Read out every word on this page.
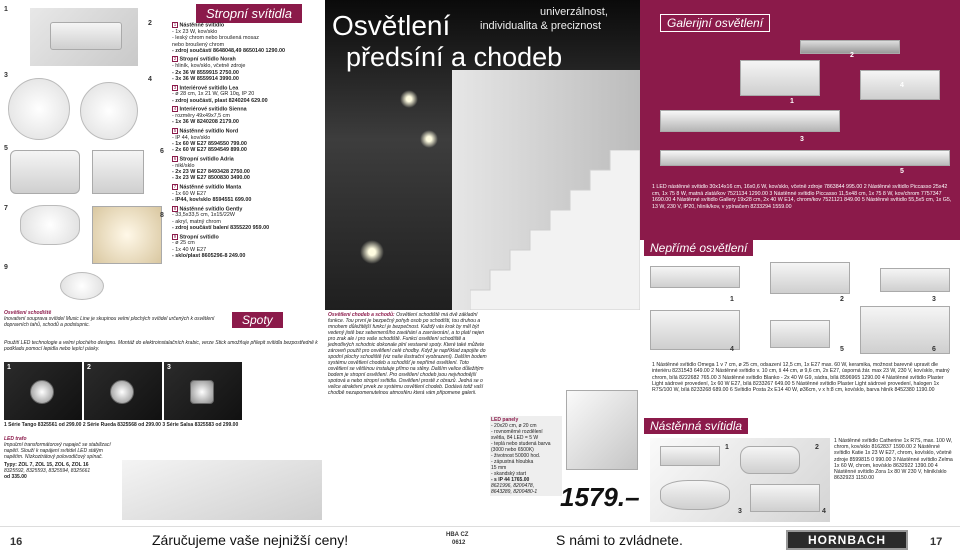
1
2
3
4
5	6
7
8
9
Stropní svítidla
1 Nástěnné svítidlo
- 1x 23 W, kov/sklo
- leský chrom nebo broušená mosaz
nebo broušený chrom
- zdroj součástí 8648048,49 8650140 1290.00
2 Stropní svítidlo Norah
- hliník, kov/sklo, včetně zdroje
- 2x 36 W 8559915 2750.00
- 3x 36 W 8559914 3990.00
3 Interiérové svítidlo Lea
- ø 28 cm, 1x 21 W, GR 10q, IP 20
- zdroj součástí, plast 8240204 629.00
4 Interiérové svítidlo Sienna
- rozměry 49x49x7,5 cm
- 1x 36 W 8240208 2179.00
5 Nástěnné svítidlo Nord
- IP 44, kov/sklo
- 1x 60 W E27 8594550 799.00
- 2x 60 W E27 8594549 899.00
6 Stropní svítidlo Adria
- nikl/sklo
- 2x 23 W E27 8493428 2750.00
- 3x 23 W E27 8500830 3490.00
7 Nástěnné svítidlo Manta
- 1x 60 W E27
- IP44, kov/sklo 8594551 699.00
8 Nástěnné svítidlo Gently
- 33,5x33,5 cm, 1x15/22W
- akryl, matný chrom
- zdroj součástí balení 8355220 959.00
9 Stropní svítidlo
- ø 25 cm
- 1x 40 W E27
- sklo/plast 8605296-8 249.00
Osvětlení schodiště
Inovativní souprava svítidel Music Line je skupinou velmi plochých svítidel určených k osvětlení dopravních tahů, schodů a podstupnic.	Spoty
Použití LED technologie a velmi plochého designu. Montáž do elektroinstalačních krabic, verze Stick umožňuje přilepit svítidla bezpostředně k podkladu pomocí lepidla nebo lepící pásky.
1	2	3
1 Série Tango 8325561 od 299.00 2 Série Rueda 8325568 od 299.00 3 Série Salsa 8325583 od 299.00
LED trafo
Impulzní transformátorový napaječ se stabilizací napětí. Slouží k napájení svítidel LED stálým napětím. Nízkoztrátový polovodičový spínač.
Typy: ZOL 7, ZOL 15, ZOL 6, ZOL 16
8325592, 8325593, 8325594, 8325661
od 335.00
Osvětlení
předsíní a chodeb
univerzálnost,
individualita & preciznost
Osvětlení chodeb a schodů: Osvětlení schodiště má dvě základní funkce. Tou první je bezpečný pohyb osob po schodišti, tou druhou a mnohem důležitější funkcí je bezpečnost. Každý vás krok by měl být vedený jistě bez sebemenšího zaváhání a zavrávorání, a to platí nejen pro zrak ale i pro vaše schodiště. Funkci osvětlení schodiště a jednotlivých schodnic dokonale plní vestavné spoty. Které také můžete zároveň použít pro osvětlení celé chodby. Když je například zapojíte do spodní plochy schodiště (viz naše ilustrační vyobrazení). Dalším bodem systému osvětlení chodeb a schodišť je nepřímé osvětlení. Toto osvětlení se většinou instaluje přímo na stěny. Dalším velice důležitým bodem je stropní osvětlení. Pro osvětlení chodeb jsou nejvhodnější spotová a nebo stropní svítidla. Osvětlení prostě z obrazů. Jedná se o velice atraktivní prvek ze systému osvětlení chodeb. Dodává totiž vaší chodbě nezapomenutelnou atmosféru která vám připomene galerii.
LED panely
- 20x20 cm, ø 20 cm
- rovnoměrné rozdělení
světla, 84 LED = 5 W
- teplá nebo studená barva
(3000 nebo 6500K)
- životnost 50000 hod.
- zápustná hloubka
15 mm
- skandský start
- s IP 44 1765.00
8621996, 8200478,
8643289, 8200480-1 1579.–
Galerijní osvětlení
1
2
3
4
5
1 LED nástěnné svítidlo 30x14x16 cm, 16x0,6 W, kov/sklo, včetně zdroje 7863844 995.00 2 Nástěnné svítidlo Piccasso 25x42 cm, 1x 75 8 W, matná zlatá/kov 7521134 1290.00 3 Nástěnné svítidlo Piccasso 11,5x48 cm, 1x 75 8 W, kov/chrom 7757347 1690.00 4 Nástěnné svítidlo Gallery 19x28 cm, 2x 40 W E14, chrom/kov 7521121 849.00 5 Nástěnné svítidlo 55,5x5 cm, 1x G5, 13 W, 230 V, IP20, hliník/kov, v ypínačem 8233294 1559.00
Nepřímé osvětlení
1	2	3
4	5	6
1 Nástěnné svítidlo Omega 1 v 7 cm, ø 25 cm, odsazení 12,5 cm, 1x E27 max. 60 W, keramika, možnost barevně upravit dle interiéru 8231543 649.00 2 Nástěnné svítidlo v. 10 cm, š 44 cm, ø 9,6 cm, 2x E27, úsporná žár. max 23 W, 230 V, kov/sklo, matný chrom, bílá 8222682 765.00 3 Nástěnné svítidlo Blanko - 2x 40 W G9, sádra, bílá 8596965 1290.00 4 Nástěnné svítidlo Plaster Light sádrové provedení, 1x 60 W E27, bílá 8233267 649.00 5 Nástěnné svítidlo Plaster Light sádrové provedení, halogen 1x R7S/100 W, bílá 8233268 689.00 6 Svítidlo Posta 2x E14 40 W, ø36cm, v x h:8 cm, kov/sklo, barva hliník 8452380 1190.00
Nástěnná svítidla
1	2
3	4
1 Nástěnné svítidlo Catherine 1x R7S, max. 100 W, chrom, kov/sklo 8162837 1590.00 2 Nástěnné svítidlo Katie 1x 23 W E27, chrom, kov/sklo, včetně zdroje 8599815 0 990.00 3 Nástěnné svítidlo Zelma 1x 60 W, chrom, kov/sklo 8632922 1390.00 4 Nástěnné svítidlo Zora 1x 80 W 230 V, hliník/sklo 8632923 1150.00
16	Záručujeme vaše nejnižší ceny!	HBA CZ
0612	S námi to zvládnete.	HORNBACH	17
